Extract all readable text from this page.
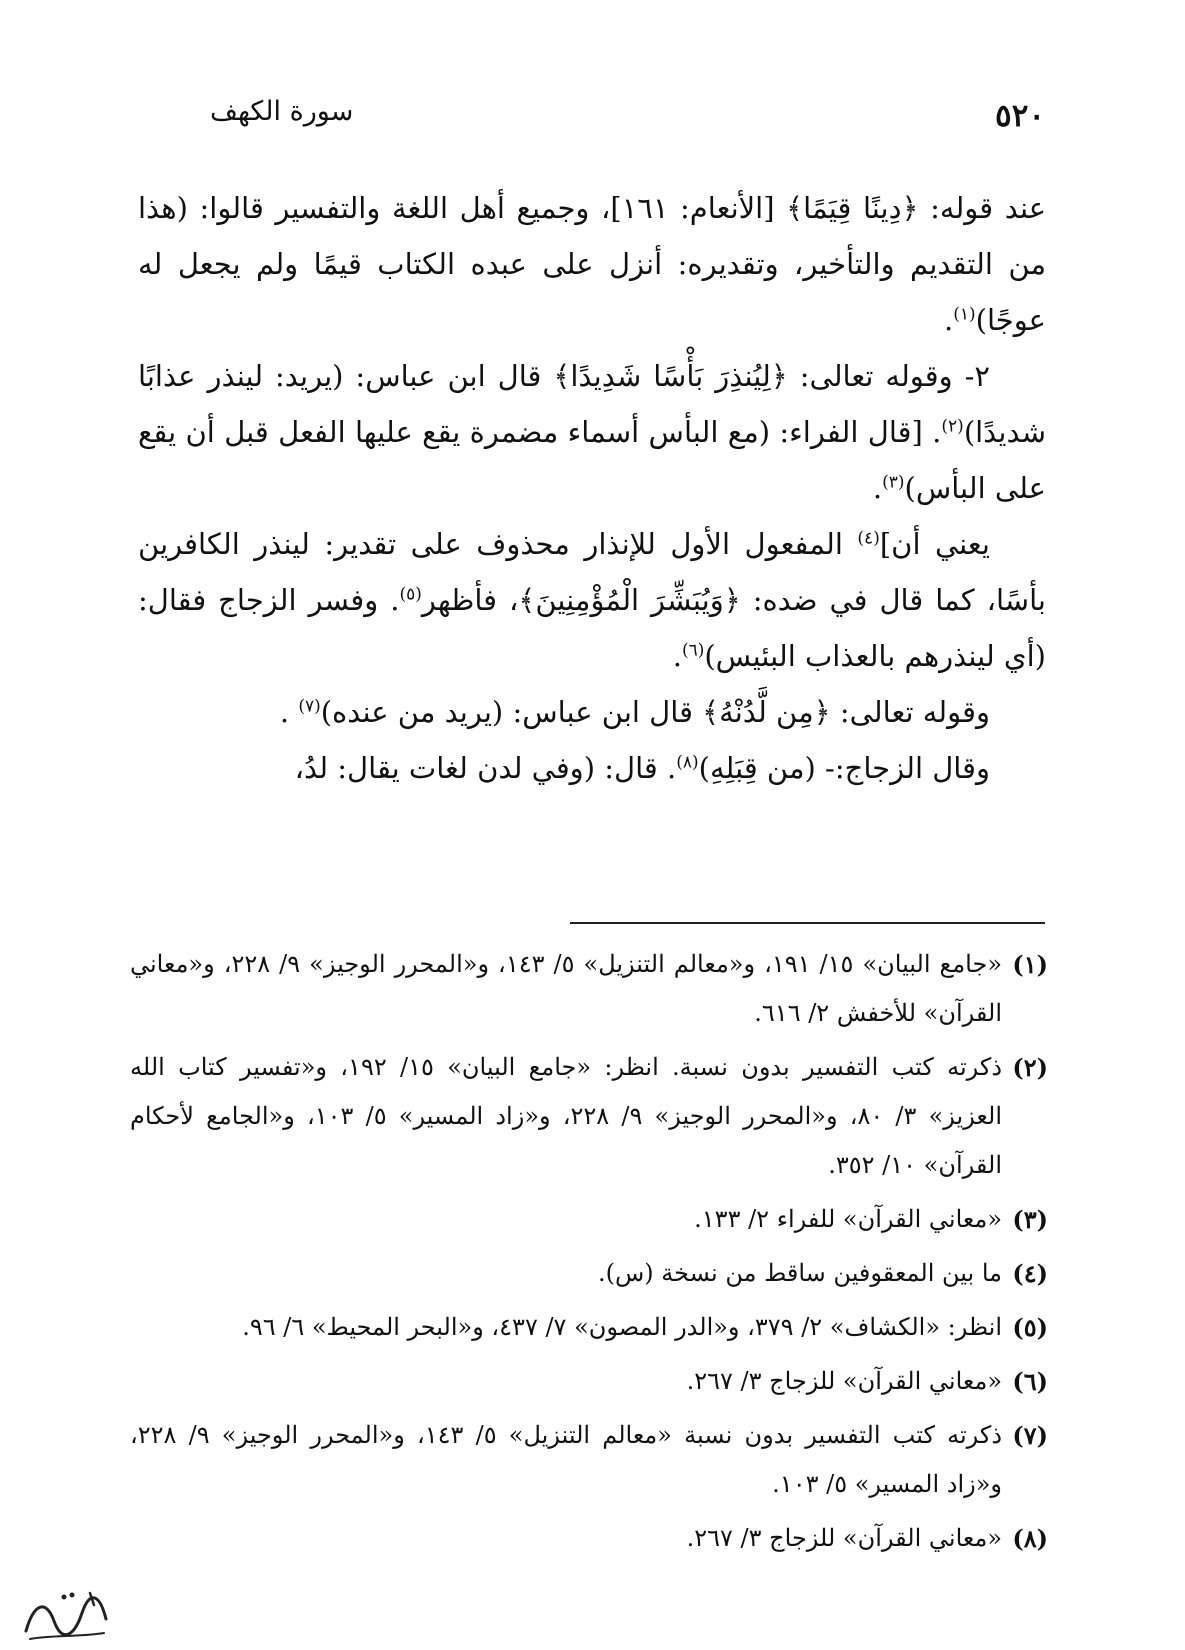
٥٢٠
سورة الكهف

عند قوله: ﴿دِينًا قِيَمًا﴾ [الأنعام: ١٦١]، وجميع أهل اللغة والتفسير قالوا: (هذا من التقديم والتأخير، وتقديره: أنزل على عبده الكتاب قيمًا ولم يجعل له عوجًا)$^{(١)}$.

٢- وقوله تعالى: ﴿لِيُنذِرَ بَأْسًا شَدِيدًا﴾ قال ابن عباس: (يريد: لينذر عذابًا شديدًا)$^{(٢)}$. [قال الفراء: (مع البأس أسماء مضمرة يقع عليها الفعل قبل أن يقع على البأس)$^{(٣)}$.

يعني أن]$^{(٤)}$ المفعول الأول للإنذار محذوف على تقدير: لينذر الكافرين بأسًا، كما قال في ضده: ﴿وَيُبَشِّرَ الْمُؤْمِنِينَ﴾، فأظهر$^{(٥)}$. وفسر الزجاج فقال: (أي لينذرهم بالعذاب البئيس)$^{(٦)}$.

وقوله تعالى: ﴿مِن لَّدُنْهُ﴾ قال ابن عباس: (يريد من عنده)$^{(٧)}$ .

وقال الزجاج:- (من قِبَلِهِ)$^{(٨)}$. قال: (وفي لدن لغات يقال: لدُ،

(١)
«جامع البيان» ١٥/ ١٩١، و«معالم التنزيل» ٥/ ١٤٣، و«المحرر الوجيز» ٩/ ٢٢٨، و«معاني القرآن» للأخفش ٢/ ٦١٦.
(٢)
ذكرته كتب التفسير بدون نسبة. انظر: «جامع البيان» ١٥/ ١٩٢، و«تفسير كتاب الله العزيز» ٣/ ٨٠، و«المحرر الوجيز» ٩/ ٢٢٨، و«زاد المسير» ٥/ ١٠٣، و«الجامع لأحكام القرآن» ١٠/ ٣٥٢.
(٣)
«معاني القرآن» للفراء ٢/ ١٣٣.
(٤)
ما بين المعقوفين ساقط من نسخة (س).
(٥)
انظر: «الكشاف» ٢/ ٣٧٩، و«الدر المصون» ٧/ ٤٣٧، و«البحر المحيط» ٦/ ٩٦.
(٦)
«معاني القرآن» للزجاج ٣/ ٢٦٧.
(٧)
ذكرته كتب التفسير بدون نسبة «معالم التنزيل» ٥/ ١٤٣، و«المحرر الوجيز» ٩/ ٢٢٨، و«زاد المسير» ٥/ ١٠٣.
(٨)
«معاني القرآن» للزجاج ٣/ ٢٦٧.
